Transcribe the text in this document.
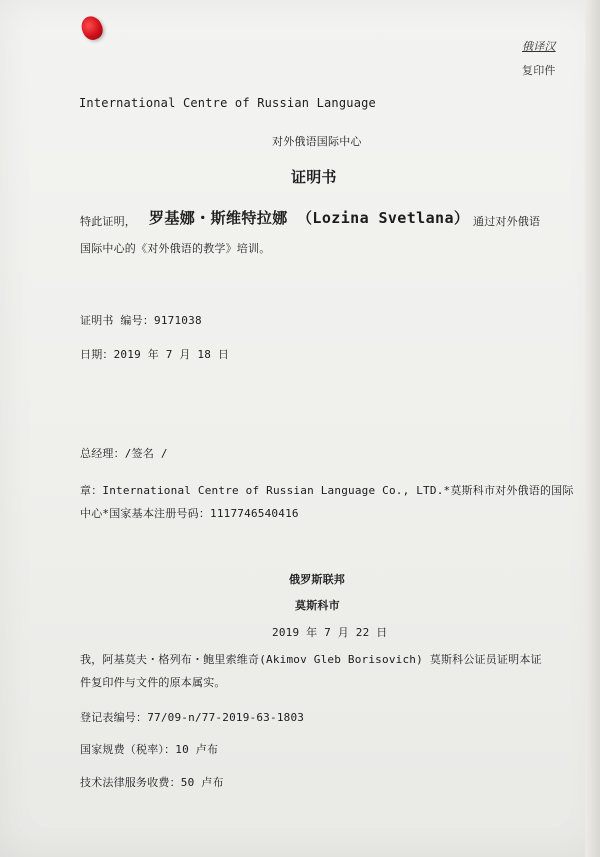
俄译汉
复印件
International Centre of Russian Language
对外俄语国际中心
证明书
特此证明， 罗基娜・斯维特拉娜 （Lozina Svetlana） 通过对外俄语
国际中心的《对外俄语的教学》培训。
证明书 编号：9171038
日期：2019 年 7 月 18 日
总经理：/签名 /
章：International Centre of Russian Language Co., LTD.*莫斯科市对外俄语的国际
中心*国家基本注册号码：1117746540416
俄罗斯联邦
莫斯科市
2019 年 7 月 22 日
我，阿基莫夫・格列布・鲍里索维奇(Akimov Gleb Borisovich) 莫斯科公证员证明本证
件复印件与文件的原本属实。
登记表编号：77/09-n/77-2019-63-1803
国家规费（税率）：10 卢布
技术法律服务收费：50 卢布
